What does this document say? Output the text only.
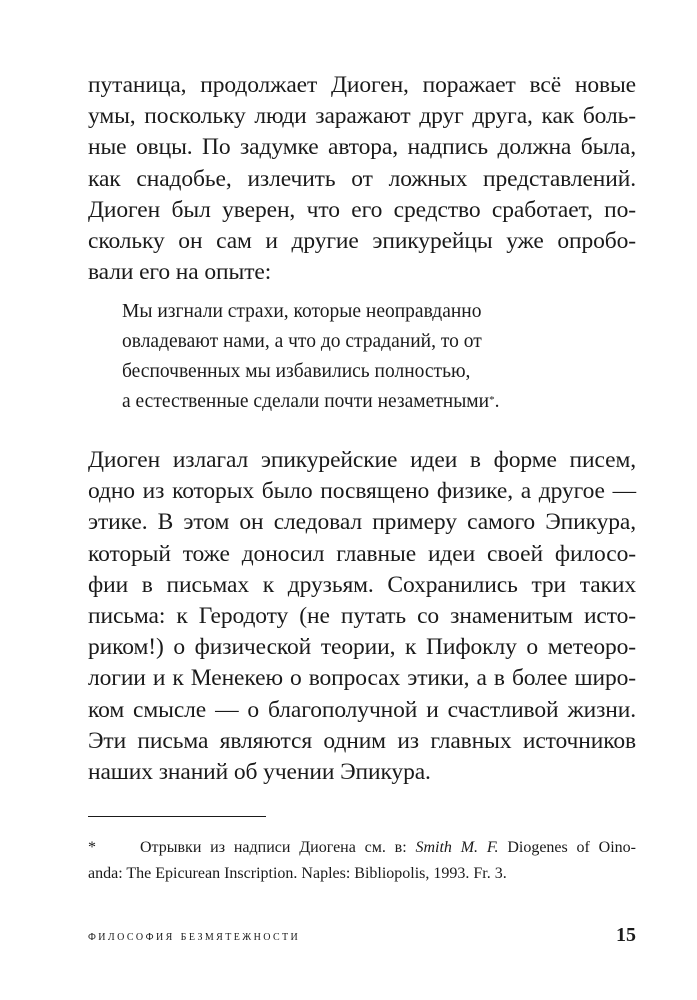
путаница, продолжает Диоген, поражает всё новые
умы, поскольку люди заражают друг друга, как боль-
ные овцы. По задумке автора, надпись должна была,
как снадобье, излечить от ложных представлений.
Диоген был уверен, что его средство сработает, по-
скольку он сам и другие эпикурейцы уже опробо-
вали его на опыте:
Мы изгнали страхи, которые неоправданно
овладевают нами, а что до страданий, то от
беспочвенных мы избавились полностью,
а естественные сделали почти незаметными*.
Диоген излагал эпикурейские идеи в форме писем,
одно из которых было посвящено физике, а другое —
этике. В этом он следовал примеру самого Эпикура,
который тоже доносил главные идеи своей филосо-
фии в письмах к друзьям. Сохранились три таких
письма: к Геродоту (не путать со знаменитым исто-
риком!) о физической теории, к Пифоклу о метеоро-
логии и к Менекею о вопросах этики, а в более широ-
ком смысле — о благополучной и счастливой жизни.
Эти письма являются одним из главных источников
наших знаний об учении Эпикура.
*	Отрывки из надписи Диогена см. в: Smith M. F. Diogenes of Oino-
anda: The Epicurean Inscription. Naples: Bibliopolis, 1993. Fr. 3.
философия безмятежности	15
